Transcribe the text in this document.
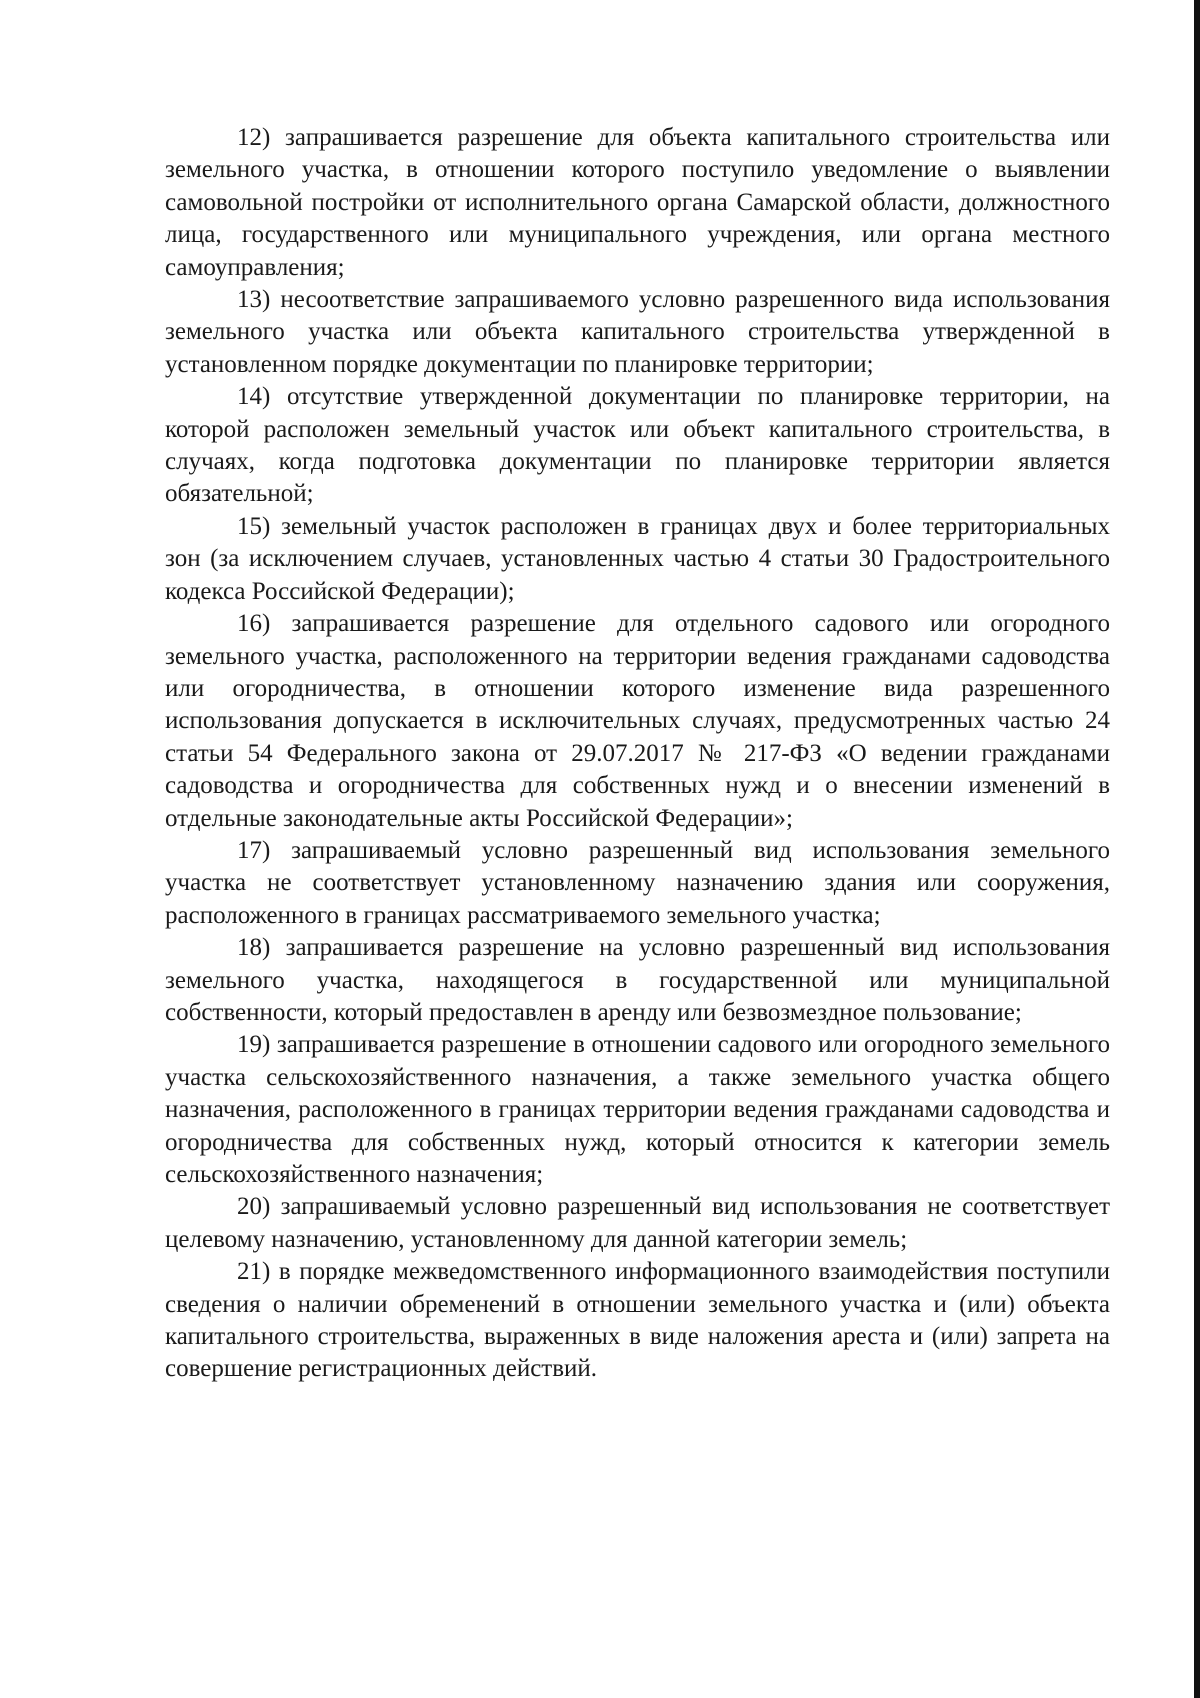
12) запрашивается разрешение для объекта капитального строительства или земельного участка, в отношении которого поступило уведомление о выявлении самовольной постройки от исполнительного органа Самарской области, должностного лица, государственного или муниципального учреждения, или органа местного самоуправления;

13) несоответствие запрашиваемого условно разрешенного вида использования земельного участка или объекта капитального строительства утвержденной в установленном порядке документации по планировке территории;

14) отсутствие утвержденной документации по планировке территории, на которой расположен земельный участок или объект капитального строительства, в случаях, когда подготовка документации по планировке территории является обязательной;

15) земельный участок расположен в границах двух и более территориальных зон (за исключением случаев, установленных частью 4 статьи 30 Градостроительного кодекса Российской Федерации);

16) запрашивается разрешение для отдельного садового или огородного земельного участка, расположенного на территории ведения гражданами садоводства или огородничества, в отношении которого изменение вида разрешенного использования допускается в исключительных случаях, предусмотренных частью 24 статьи 54 Федерального закона от 29.07.2017 № 217-ФЗ «О ведении гражданами садоводства и огородничества для собственных нужд и о внесении изменений в отдельные законодательные акты Российской Федерации»;

17) запрашиваемый условно разрешенный вид использования земельного участка не соответствует установленному назначению здания или сооружения, расположенного в границах рассматриваемого земельного участка;

18) запрашивается разрешение на условно разрешенный вид использования земельного участка, находящегося в государственной или муниципальной собственности, который предоставлен в аренду или безвозмездное пользование;

19) запрашивается разрешение в отношении садового или огородного земельного участка сельскохозяйственного назначения, а также земельного участка общего назначения, расположенного в границах территории ведения гражданами садоводства и огородничества для собственных нужд, который относится к категории земель сельскохозяйственного назначения;

20) запрашиваемый условно разрешенный вид использования не соответствует целевому назначению, установленному для данной категории земель;

21) в порядке межведомственного информационного взаимодействия поступили сведения о наличии обременений в отношении земельного участка и (или) объекта капитального строительства, выраженных в виде наложения ареста и (или) запрета на совершение регистрационных действий.
